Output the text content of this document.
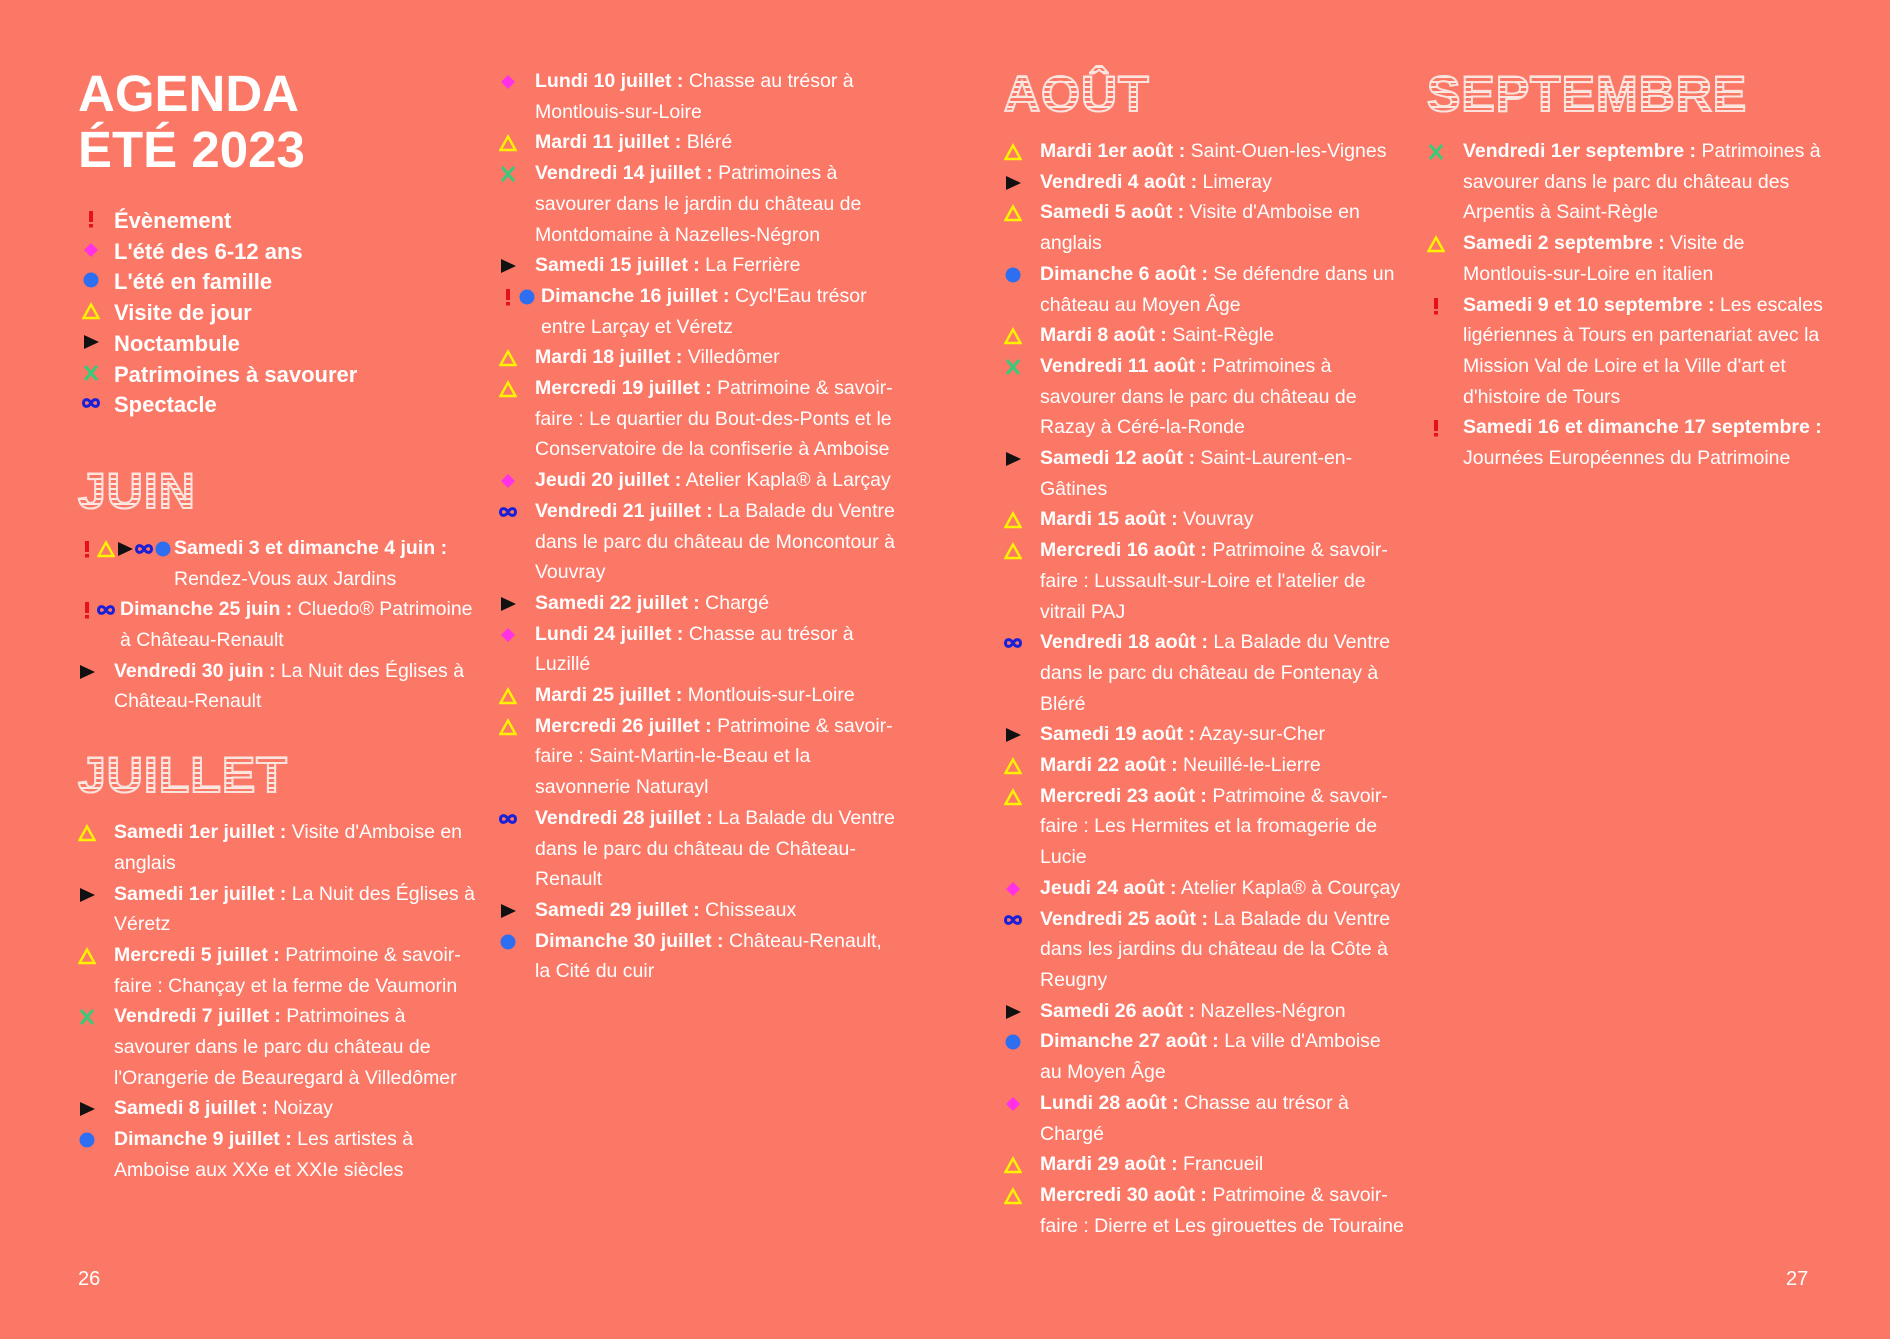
AGENDA
ÉTÉ 2023
Évènement
L'été des 6-12 ans
L'été en famille
Visite de jour
Noctambule
Patrimoines à savourer
Spectacle
JUIN
Samedi 3 et dimanche 4 juin : Rendez-Vous aux Jardins
Dimanche 25 juin : Cluedo® Patrimoine à Château-Renault
Vendredi 30 juin : La Nuit des Églises à Château-Renault
JUILLET
Samedi 1er juillet : Visite d'Amboise en anglais
Samedi 1er juillet : La Nuit des Églises à Véretz
Mercredi 5 juillet : Patrimoine & savoir-faire : Chançay et la ferme de Vaumorin
Vendredi 7 juillet : Patrimoines à savourer dans le parc du château de l'Orangerie de Beauregard à Villedômer
Samedi 8 juillet : Noizay
Dimanche 9 juillet : Les artistes à Amboise aux XXe et XXIe siècles
Lundi 10 juillet : Chasse au trésor à Montlouis-sur-Loire
Mardi 11 juillet : Bléré
Vendredi 14 juillet : Patrimoines à savourer dans le jardin du château de Montdomaine à Nazelles-Négron
Samedi 15 juillet : La Ferrière
Dimanche 16 juillet : Cycl'Eau trésor entre Larçay et Véretz
Mardi 18 juillet : Villedômer
Mercredi 19 juillet : Patrimoine & savoir-faire : Le quartier du Bout-des-Ponts et le Conservatoire de la confiserie à Amboise
Jeudi 20 juillet : Atelier Kapla® à Larçay
Vendredi 21 juillet : La Balade du Ventre dans le parc du château de Moncontour à Vouvray
Samedi 22 juillet : Chargé
Lundi 24 juillet : Chasse au trésor à Luzillé
Mardi 25 juillet : Montlouis-sur-Loire
Mercredi 26 juillet : Patrimoine & savoir-faire : Saint-Martin-le-Beau et la savonnerie Naturayl
Vendredi 28 juillet : La Balade du Ventre dans le parc du château de Château-Renault
Samedi 29 juillet : Chisseaux
Dimanche 30 juillet : Château-Renault, la Cité du cuir
AOÛT
Mardi 1er août : Saint-Ouen-les-Vignes
Vendredi 4 août : Limeray
Samedi 5 août : Visite d'Amboise en anglais
Dimanche 6 août : Se défendre dans un château au Moyen Âge
Mardi 8 août : Saint-Règle
Vendredi 11 août : Patrimoines à savourer dans le parc du château de Razay à Céré-la-Ronde
Samedi 12 août : Saint-Laurent-en-Gâtines
Mardi 15 août : Vouvray
Mercredi 16 août : Patrimoine & savoir-faire : Lussault-sur-Loire et l'atelier de vitrail PAJ
Vendredi 18 août : La Balade du Ventre dans le parc du château de Fontenay à Bléré
Samedi 19 août : Azay-sur-Cher
Mardi 22 août : Neuillé-le-Lierre
Mercredi 23 août : Patrimoine & savoir-faire : Les Hermites et la fromagerie de Lucie
Jeudi 24 août : Atelier Kapla® à Courçay
Vendredi 25 août : La Balade du Ventre dans les jardins du château de la Côte à Reugny
Samedi 26 août : Nazelles-Négron
Dimanche 27 août : La ville d'Amboise au Moyen Âge
Lundi 28 août : Chasse au trésor à Chargé
Mardi 29 août : Francueil
Mercredi 30 août : Patrimoine & savoir-faire : Dierre et Les girouettes de Touraine
SEPTEMBRE
Vendredi 1er septembre : Patrimoines à savourer dans le parc du château des Arpentis à Saint-Règle
Samedi 2 septembre : Visite de Montlouis-sur-Loire en italien
Samedi 9 et 10 septembre : Les escales ligériennes à Tours en partenariat avec la Mission Val de Loire et la Ville d'art et d'histoire de Tours
Samedi 16 et dimanche 17 septembre : Journées Européennes du Patrimoine
26	27
